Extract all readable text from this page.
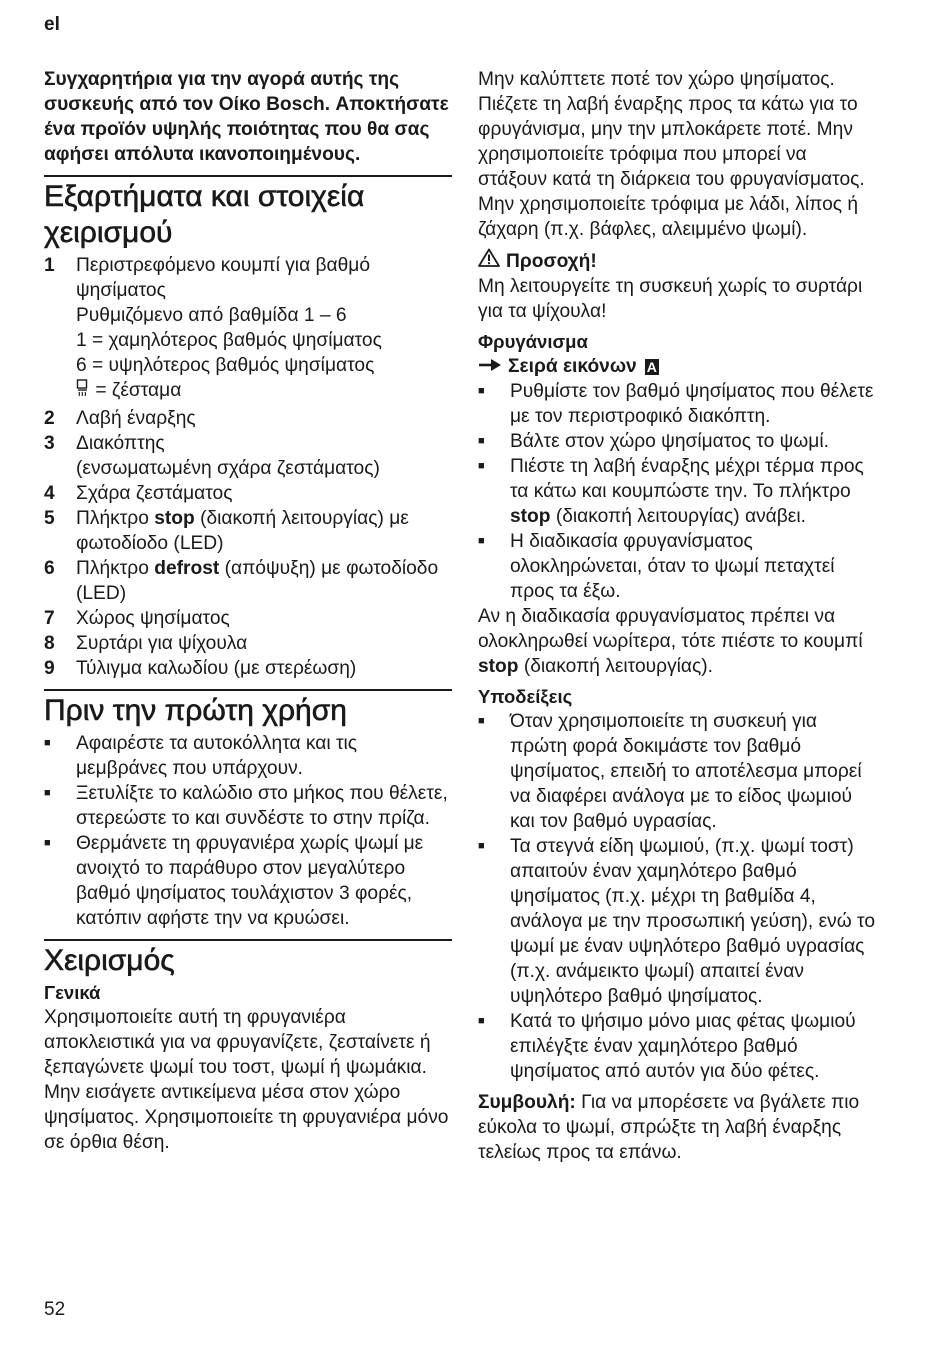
el

Συγχαρητήρια για την αγορά αυτής της συσκευής από τον Οίκο Bosch. Αποκτήσατε ένα προϊόν υψηλής ποιότητας που θα σας αφήσει απόλυτα ικανοποιημένους.

Εξαρτήματα και στοιχεία χειρισμού
1	Περιστρεφόμενο κουμπί για βαθμό ψησίματος
Ρυθμιζόμενο από βαθμίδα 1 – 6
1 = χαμηλότερος βαθμός ψησίματος
6 = υψηλότερος βαθμός ψησίματος
= ζέσταμα
2	Λαβή έναρξης
3	Διακόπτης
(ενσωματωμένη σχάρα ζεστάματος)
4	Σχάρα ζεστάματος
5	Πλήκτρο stop (διακοπή λειτουργίας) με φωτοδίοδο (LED)
6	Πλήκτρο defrost (απόψυξη) με φωτοδίοδο (LED)
7	Χώρος ψησίματος
8	Συρτάρι για ψίχουλα
9	Τύλιγμα καλωδίου (με στερέωση)
Πριν την πρώτη χρήση
■	Αφαιρέστε τα αυτοκόλλητα και τις μεμβράνες που υπάρχουν.
■	Ξετυλίξτε το καλώδιο στο μήκος που θέλετε, στερεώστε το και συνδέστε το στην πρίζα.
■	Θερμάνετε τη φρυγανιέρα χωρίς ψωμί με ανοιχτό το παράθυρο στον μεγαλύτερο βαθμό ψησίματος τουλάχιστον 3 φορές, κατόπιν αφήστε την να κρυώσει.
Χειρισμός
Γενικά

Χρησιμοποιείτε αυτή τη φρυγανιέρα αποκλειστικά για να φρυγανίζετε, ζεσταίνετε ή ξεπαγώνετε ψωμί του τοστ, ψωμί ή ψωμάκια. Μην εισάγετε αντικείμενα μέσα στον χώρο ψησίματος. Χρησιμοποιείτε τη φρυγανιέρα μόνο σε όρθια θέση.

Μην καλύπτετε ποτέ τον χώρο ψησίματος. Πιέζετε τη λαβή έναρξης προς τα κάτω για το φρυγάνισμα, μην την μπλοκάρετε ποτέ. Μην χρησιμοποιείτε τρόφιμα που μπορεί να στάξουν κατά τη διάρκεια του φρυγανίσματος.

Μην χρησιμοποιείτε τρόφιμα με λάδι, λίπος ή ζάχαρη (π.χ. βάφλες, αλειμμένο ψωμί).

Προσοχή!

Μη λειτουργείτε τη συσκευή χωρίς το συρτάρι για τα ψίχουλα!

Φρυγάνισμα
Σειρά εικόνων A
■	Ρυθμίστε τον βαθμό ψησίματος που θέλετε με τον περιστροφικό διακόπτη.
■	Βάλτε στον χώρο ψησίματος το ψωμί.
■	Πιέστε τη λαβή έναρξης μέχρι τέρμα προς τα κάτω και κουμπώστε την. Το πλήκτρο stop (διακοπή λειτουργίας) ανάβει.
■	Η διαδικασία φρυγανίσματος ολοκληρώνεται, όταν το ψωμί πεταχτεί προς τα έξω.

Αν η διαδικασία φρυγανίσματος πρέπει να ολοκληρωθεί νωρίτερα, τότε πιέστε το κουμπί stop (διακοπή λειτουργίας).

Υποδείξεις
■	Όταν χρησιμοποιείτε τη συσκευή για πρώτη φορά δοκιμάστε τον βαθμό ψησίματος, επειδή το αποτέλεσμα μπορεί να διαφέρει ανάλογα με το είδος ψωμιού και τον βαθμό υγρασίας.
■	Τα στεγνά είδη ψωμιού, (π.χ. ψωμί τοστ) απαιτούν έναν χαμηλότερο βαθμό ψησίματος (π.χ. μέχρι τη βαθμίδα 4, ανάλογα με την προσωπική γεύση), ενώ το ψωμί με έναν υψηλότερο βαθμό υγρασίας (π.χ. ανάμεικτο ψωμί) απαιτεί έναν υψηλότερο βαθμό ψησίματος.
■	Κατά το ψήσιμο μόνο μιας φέτας ψωμιού επιλέγξτε έναν χαμηλότερο βαθμό ψησίματος από αυτόν για δύο φέτες.

Συμβουλή: Για να μπορέσετε να βγάλετε πιο εύκολα το ψωμί, σπρώξτε τη λαβή έναρξης τελείως προς τα επάνω.

52
